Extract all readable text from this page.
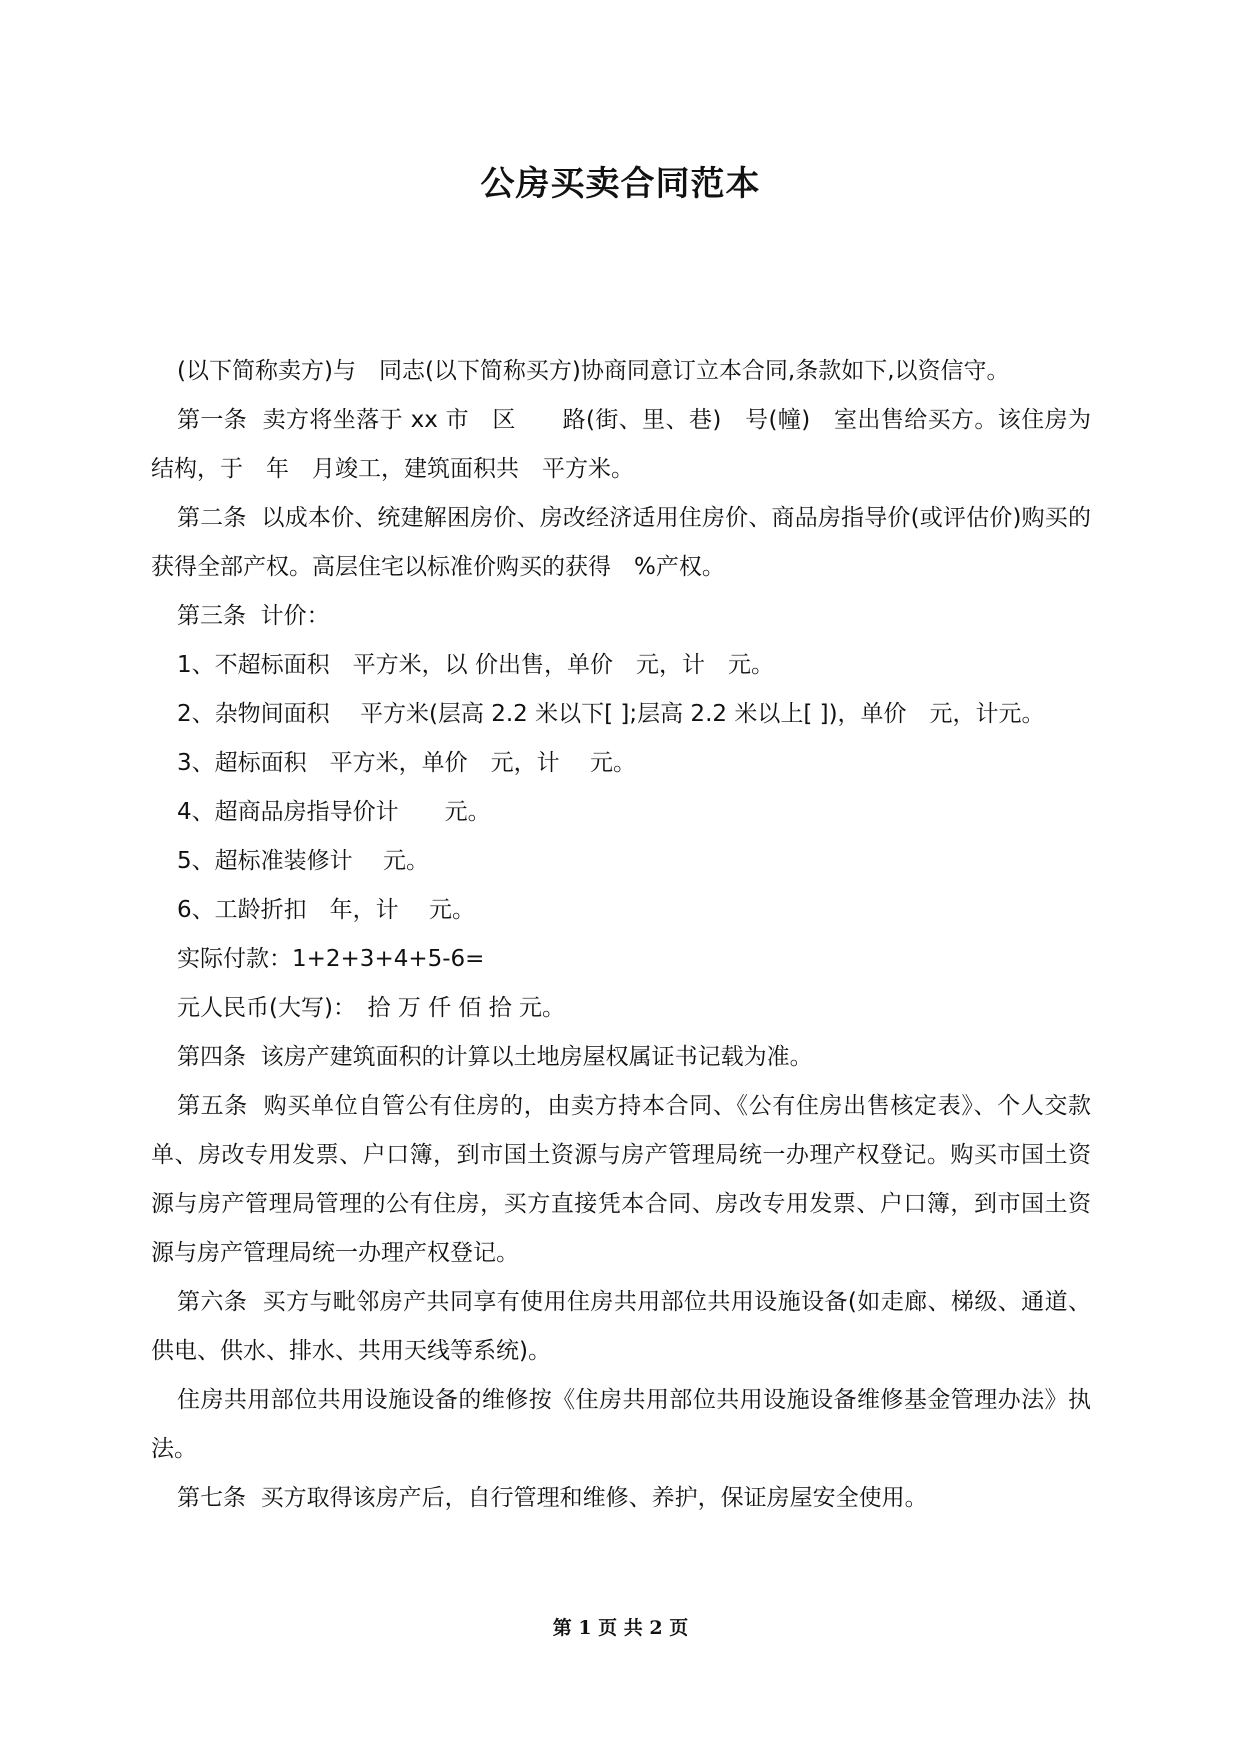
公房买卖合同范本

(以下简称卖方)与　同志(以下简称买方)协商同意订立本合同,条款如下,以资信守。

第一条  卖方将坐落于 xx 市　区　　路(街、里、巷)　号(幢)　室出售给买方。该住房为　结构，于　年　月竣工，建筑面积共　平方米。

第二条  以成本价、统建解困房价、房改经济适用住房价、商品房指导价(或评估价)购买的获得全部产权。高层住宅以标准价购买的获得　%产权。

第三条  计价：

1、不超标面积　平方米，以 价出售，单价　元，计　元。

2、杂物间面积　 平方米(层高 2.2 米以下[ ];层高 2.2 米以上[ ])，单价　元，计元。

3、超标面积　平方米，单价　元，计　 元。

4、超商品房指导价计　　元。

5、超标准装修计　 元。

6、工龄折扣　年，计　 元。

实际付款：1+2+3+4+5-6=

元人民币(大写)：　拾 万 仟 佰 拾 元。

第四条  该房产建筑面积的计算以土地房屋权属证书记载为准。

第五条  购买单位自管公有住房的，由卖方持本合同、《公有住房出售核定表》、个人交款单、房改专用发票、户口簿，到市国土资源与房产管理局统一办理产权登记。购买市国土资源与房产管理局管理的公有住房，买方直接凭本合同、房改专用发票、户口簿，到市国土资源与房产管理局统一办理产权登记。

第六条  买方与毗邻房产共同享有使用住房共用部位共用设施设备(如走廊、梯级、通道、供电、供水、排水、共用天线等系统)。

住房共用部位共用设施设备的维修按《住房共用部位共用设施设备维修基金管理办法》执法。

第七条  买方取得该房产后，自行管理和维修、养护，保证房屋安全使用。

第 1 页 共 2 页
